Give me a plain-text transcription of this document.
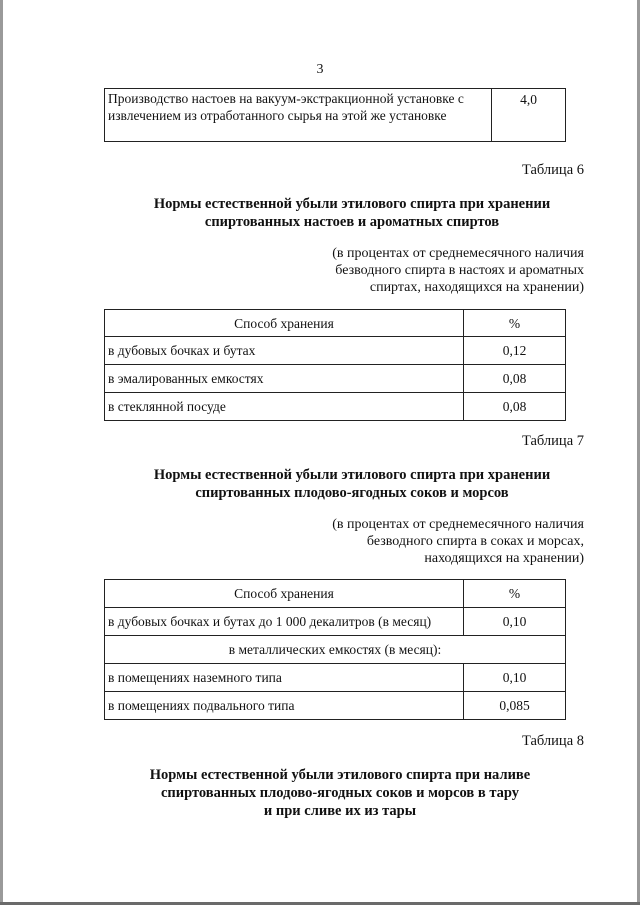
3
Производство настоев на вакуум-экстракционной установке с извлечением из отработанного сырья на этой же установке	4,0
Таблица 6
Нормы естественной убыли этилового спирта при хранении
спиртованных настоев и ароматных спиртов
(в процентах от среднемесячного наличия
безводного спирта в настоях и ароматных
спиртах, находящихся на хранении)
Способ хранения	%
в дубовых бочках и бутах	0,12
в эмалированных емкостях	0,08
в стеклянной посуде	0,08
Таблица 7
Нормы естественной убыли этилового спирта при хранении
спиртованных плодово-ягодных соков и морсов
(в процентах от среднемесячного наличия
безводного спирта в соках и морсах,
находящихся на хранении)
Способ хранения	%
в дубовых бочках и бутах до 1 000 декалитров (в месяц)	0,10
в металлических емкостях (в месяц):	
в помещениях наземного типа	0,10
в помещениях подвального типа	0,085
Таблица 8
Нормы естественной убыли этилового спирта при наливе
спиртованных плодово-ягодных соков и морсов в тару
и при сливе их из тары
